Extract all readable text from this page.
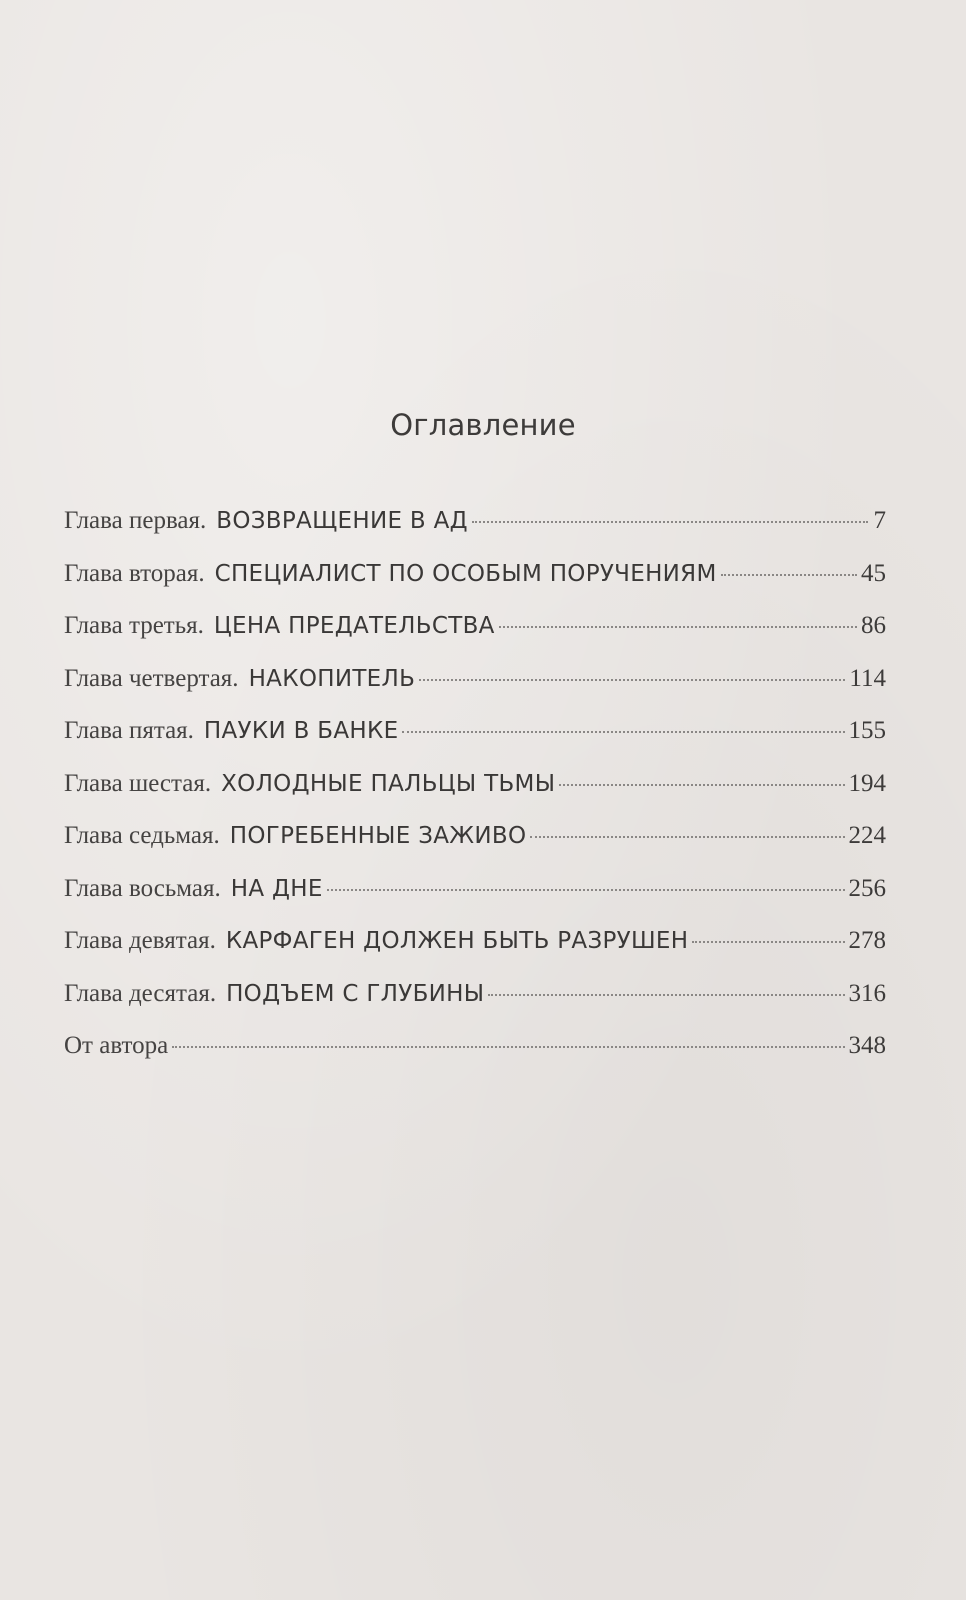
Оглавление
Глава первая. ВОЗВРАЩЕНИЕ В АД	7
Глава вторая. СПЕЦИАЛИСТ ПО ОСОБЫМ ПОРУЧЕНИЯМ	45
Глава третья. ЦЕНА ПРЕДАТЕЛЬСТВА	86
Глава четвертая. НАКОПИТЕЛЬ	114
Глава пятая. ПАУКИ В БАНКЕ	155
Глава шестая. ХОЛОДНЫЕ ПАЛЬЦЫ ТЬМЫ	194
Глава седьмая. ПОГРЕБЕННЫЕ ЗАЖИВО	224
Глава восьмая. НА ДНЕ	256
Глава девятая. КАРФАГЕН ДОЛЖЕН БЫТЬ РАЗРУШЕН	278
Глава десятая. ПОДЪЕМ С ГЛУБИНЫ	316
От автора	348
